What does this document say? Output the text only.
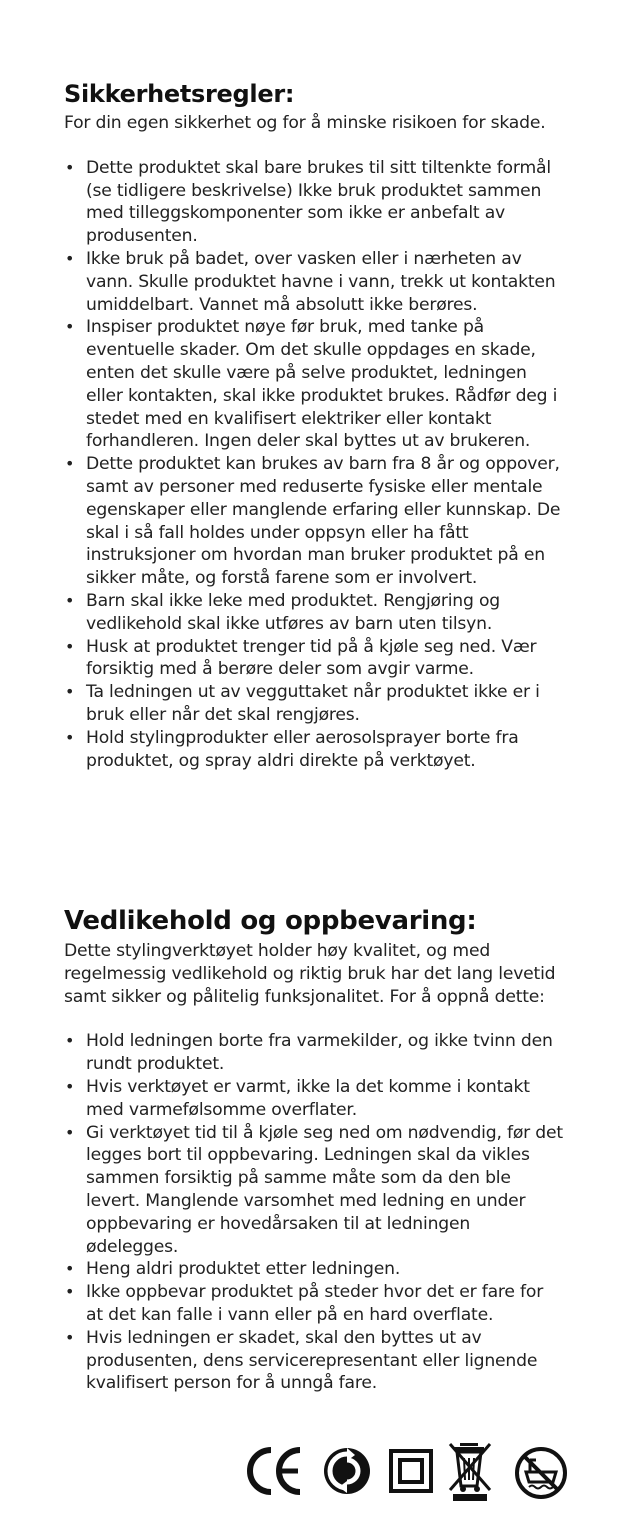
Sikkerhetsregler:

For din egen sikkerhet og for å minske risikoen for skade.

• Dette produktet skal bare brukes til sitt tiltenkte formål (se tidligere beskrivelse) Ikke bruk produktet sammen med tilleggskomponenter som ikke er anbefalt av produsenten.
• Ikke bruk på badet, over vasken eller i nærheten av vann. Skulle produktet havne i vann, trekk ut kontakten umiddelbart. Vannet må absolutt ikke berøres.
• Inspiser produktet nøye før bruk, med tanke på eventuelle skader. Om det skulle oppdages en skade, enten det skulle være på selve produktet, ledningen eller kontakten, skal ikke produktet brukes. Rådfør deg i stedet med en kvalifisert elektriker eller kontakt forhandleren. Ingen deler skal byttes ut av brukeren.
• Dette produktet kan brukes av barn fra 8 år og oppover, samt av personer med reduserte fysiske eller mentale egenskaper eller manglende erfaring eller kunnskap. De skal i så fall holdes under oppsyn eller ha fått instruksjoner om hvordan man bruker produktet på en sikker måte, og forstå farene som er involvert.
• Barn skal ikke leke med produktet. Rengjøring og vedlikehold skal ikke utføres av barn uten tilsyn.
• Husk at produktet trenger tid på å kjøle seg ned. Vær forsiktig med å berøre deler som avgir varme.
• Ta ledningen ut av vegguttaket når produktet ikke er i bruk eller når det skal rengjøres.
• Hold stylingprodukter eller aerosolsprayer borte fra produktet, og spray aldri direkte på verktøyet.
Vedlikehold og oppbevaring:

Dette stylingverktøyet holder høy kvalitet, og med regelmessig vedlikehold og riktig bruk har det lang levetid samt sikker og pålitelig funksjonalitet. For å oppnå dette:

• Hold ledningen borte fra varmekilder, og ikke tvinn den rundt produktet.
• Hvis verktøyet er varmt, ikke la det komme i kontakt med varmefølsomme overflater.
• Gi verktøyet tid til å kjøle seg ned om nødvendig, før det legges bort til oppbevaring. Ledningen skal da vikles sammen forsiktig på samme måte som da den ble levert. Manglende varsomhet med ledning en under oppbevaring er hovedårsaken til at ledningen ødelegges.
• Heng aldri produktet etter ledningen.
• Ikke oppbevar produktet på steder hvor det er fare for at det kan falle i vann eller på en hard overflate.
• Hvis ledningen er skadet, skal den byttes ut av produsenten, dens servicerepresentant eller lignende kvalifisert person for å unngå fare.
